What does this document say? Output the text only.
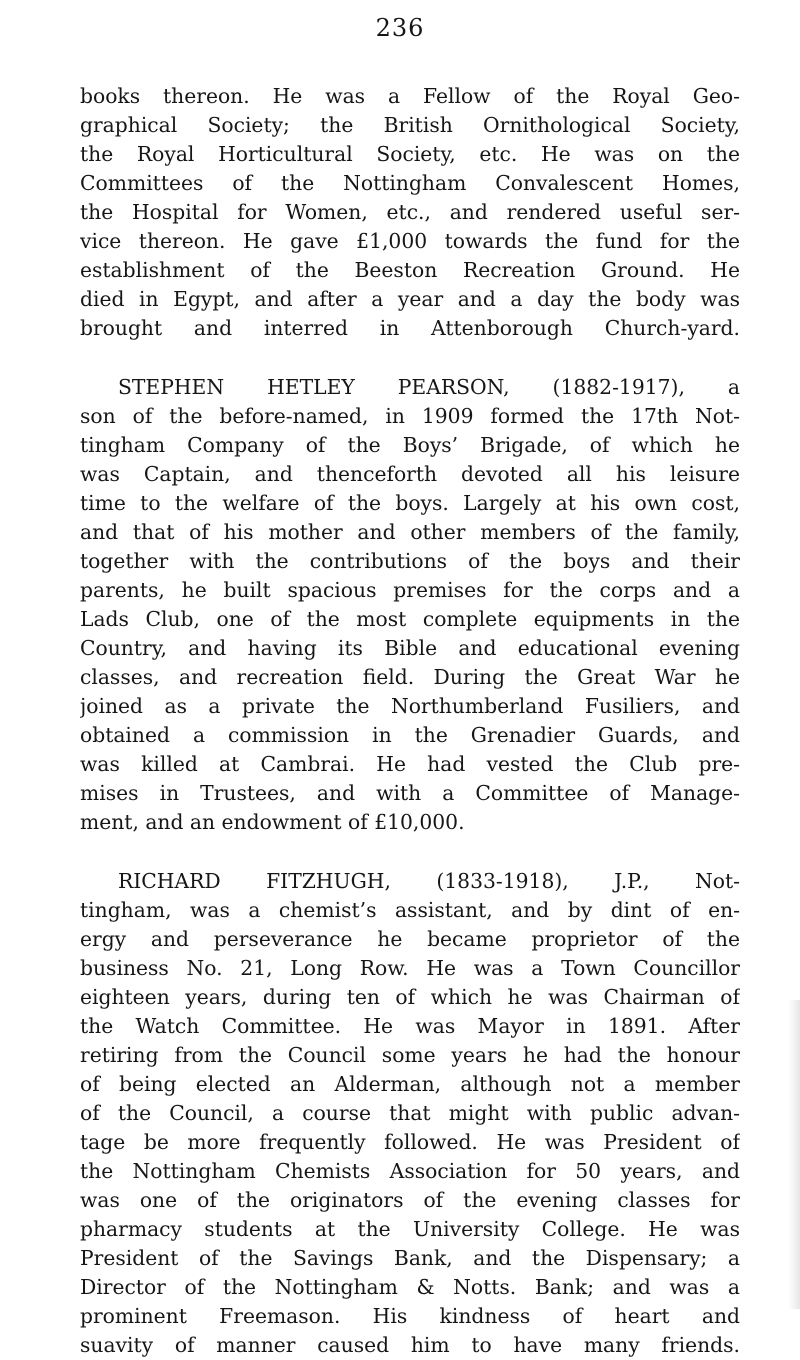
236
books thereon. He was a Fellow of the Royal Geo-
graphical Society; the British Ornithological Society,
the Royal Horticultural Society, etc. He was on the
Committees of the Nottingham Convalescent Homes,
the Hospital for Women, etc., and rendered useful ser-
vice thereon. He gave £1,000 towards the fund for the
establishment of the Beeston Recreation Ground. He
died in Egypt, and after a year and a day the body was
brought and interred in Attenborough Church-yard.
STEPHEN HETLEY PEARSON, (1882-1917), a
son of the before-named, in 1909 formed the 17th Not-
tingham Company of the Boys’ Brigade, of which he
was Captain, and thenceforth devoted all his leisure
time to the welfare of the boys. Largely at his own cost,
and that of his mother and other members of the family,
together with the contributions of the boys and their
parents, he built spacious premises for the corps and a
Lads Club, one of the most complete equipments in the
Country, and having its Bible and educational evening
classes, and recreation field. During the Great War he
joined as a private the Northumberland Fusiliers, and
obtained a commission in the Grenadier Guards, and
was killed at Cambrai. He had vested the Club pre-
mises in Trustees, and with a Committee of Manage-
ment, and an endowment of £10,000.
RICHARD FITZHUGH, (1833-1918), J.P., Not-
tingham, was a chemist’s assistant, and by dint of en-
ergy and perseverance he became proprietor of the
business No. 21, Long Row. He was a Town Councillor
eighteen years, during ten of which he was Chairman of
the Watch Committee. He was Mayor in 1891. After
retiring from the Council some years he had the honour
of being elected an Alderman, although not a member
of the Council, a course that might with public advan-
tage be more frequently followed. He was President of
the Nottingham Chemists Association for 50 years, and
was one of the originators of the evening classes for
pharmacy students at the University College. He was
President of the Savings Bank, and the Dispensary; a
Director of the Nottingham & Notts. Bank; and was a
prominent Freemason. His kindness of heart and
suavity of manner caused him to have many friends.
